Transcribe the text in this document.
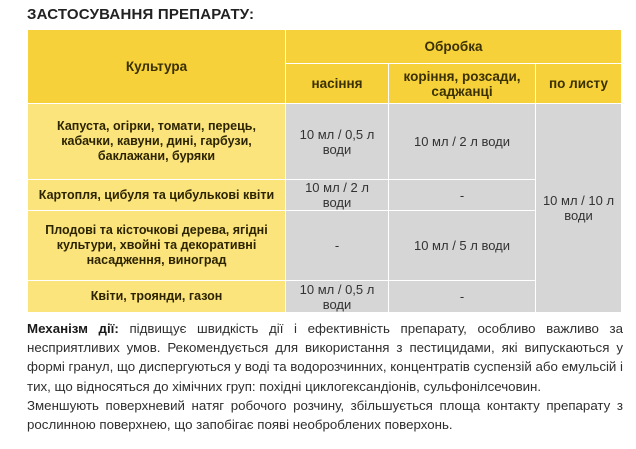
ЗАСТОСУВАННЯ ПРЕПАРАТУ:
Культура	Обробка		
	насіння	коріння, розсади, саджанці	по листу
Капуста, огірки, томати, перець, кабачки, кавуни, дині, гарбузи, баклажани, буряки	10 мл / 0,5 л води	10 мл / 2 л води	10 мл / 10 л води
Картопля, цибуля та цибулькові квіти	10 мл / 2 л води	-	
Плодові та кісточкові дерева, ягідні культури, хвойні та декоративні насадження, виноград	-	10 мл / 5 л води	
Квіти, троянди, газон	10 мл / 0,5 л води	-	

Механізм дії: підвищує швидкість дії і ефективність препарату, особливо важливо за несприятливих умов. Рекомендується для використання з пестицидами, які випускаються у формі гранул, що диспергуються у воді та водорозчинних, концентратів суспензій або емульсій і тих, що відносяться до хімічних груп: похідні циклогександіонів, сульфонілсечовин.

Зменшують поверхневий натяг робочого розчину, збільшується площа контакту препарату з рослинною поверхнею, що запобігає появі необроблених поверхонь.
